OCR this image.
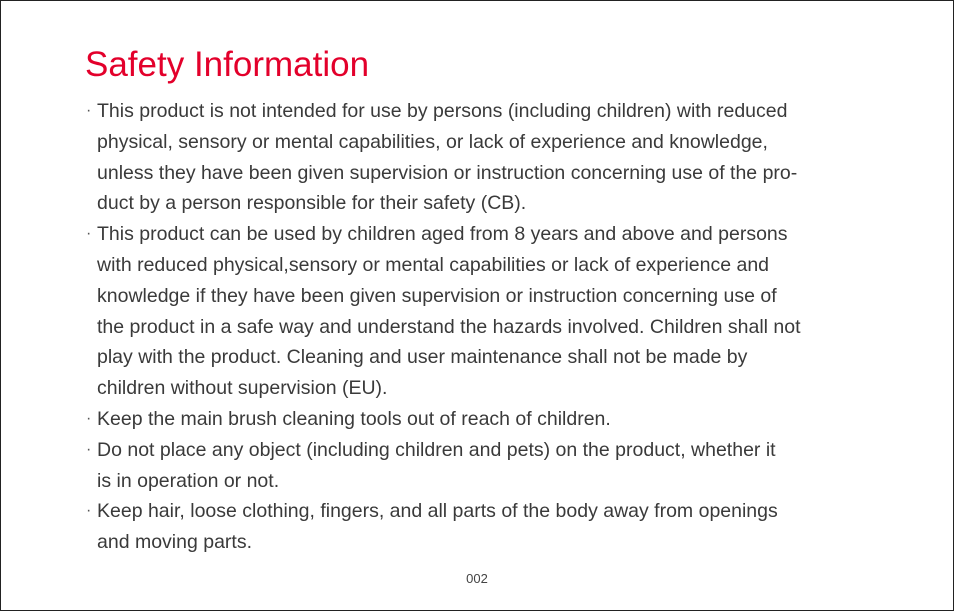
Safety Information
· This product is not intended for use by persons (including children) with reduced
physical, sensory or mental capabilities, or lack of experience and knowledge,
unless they have been given supervision or instruction concerning use of the pro-
duct by a person responsible for their safety (CB).
· This product can be used by children aged from 8 years and above and persons
with reduced physical,sensory or mental capabilities or lack of experience and
knowledge if they have been given supervision or instruction concerning use of
the product in a safe way and understand the hazards involved. Children shall not
play with the product. Cleaning and user maintenance shall not be made by
children without supervision (EU).
· Keep the main brush cleaning tools out of reach of children.
· Do not place any object (including children and pets) on the product, whether it
is in operation or not.
· Keep hair, loose clothing, fingers, and all parts of the body away from openings
and moving parts.
002
